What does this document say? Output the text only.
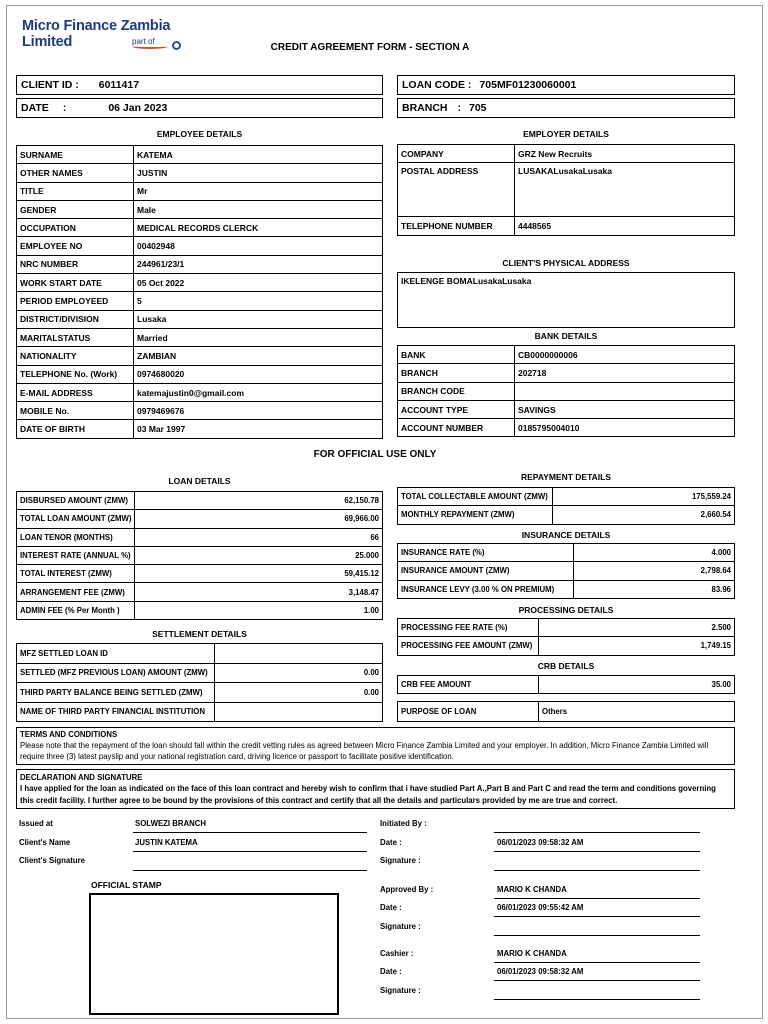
Micro Finance Zambia Limited	part of
CREDIT AGREEMENT FORM - SECTION A
CLIENT ID : 6011417
DATE :	06 Jan 2023
LOAN CODE : 705MF01230060001
BRANCH : 705
EMPLOYEE DETAILS
SURNAME	KATEMA
OTHER NAMES	JUSTIN
TITLE	Mr
GENDER	Male
OCCUPATION	MEDICAL RECORDS CLERCK
EMPLOYEE NO	00402948
NRC NUMBER	244961/23/1
WORK START DATE	05 Oct 2022
PERIOD EMPLOYEED	5
DISTRICT/DIVISION	Lusaka
MARITALSTATUS	Married
NATIONALITY	ZAMBIAN
TELEPHONE No. (Work)	0974680020
E-MAIL ADDRESS	katemajustin0@gmail.com
MOBILE No.	0979469676
DATE OF BIRTH	03 Mar 1997
EMPLOYER DETAILS
COMPANY	GRZ New Recruits
POSTAL ADDRESS	LUSAKALusakaLusaka
TELEPHONE NUMBER	4448565
CLIENT'S PHYSICAL ADDRESS
IKELENGE BOMALusakaLusaka
BANK DETAILS
BANK	CB0000000006
BRANCH	202718
BRANCH CODE	
ACCOUNT TYPE	SAVINGS
ACCOUNT NUMBER	0185795004010
FOR OFFICIAL USE ONLY
LOAN DETAILS
DISBURSED AMOUNT (ZMW)	62,150.78
TOTAL LOAN AMOUNT (ZMW)	69,966.00
LOAN TENOR (MONTHS)	66
INTEREST RATE (ANNUAL %)	25.000
TOTAL INTEREST (ZMW)	59,415.12
ARRANGEMENT FEE (ZMW)	3,148.47
ADMIN FEE (% Per Month )	1.00
SETTLEMENT DETAILS
MFZ SETTLED LOAN ID	
SETTLED (MFZ PREVIOUS LOAN) AMOUNT (ZMW)	0.00
THIRD PARTY BALANCE BEING SETTLED (ZMW)	0.00
NAME OF THIRD PARTY FINANCIAL INSTITUTION	
REPAYMENT DETAILS
TOTAL COLLECTABLE AMOUNT (ZMW)	175,559.24
MONTHLY REPAYMENT (ZMW)	2,660.54
INSURANCE DETAILS
INSURANCE RATE (%)	4.000
INSURANCE AMOUNT (ZMW)	2,798.64
INSURANCE LEVY (3.00 % ON PREMIUM)	83.96
PROCESSING DETAILS
PROCESSING FEE RATE (%)	2.500
PROCESSING FEE AMOUNT (ZMW)	1,749.15
CRB DETAILS
CRB FEE AMOUNT	35.00
PURPOSE OF LOAN	Others
TERMS AND CONDITIONS
Please note that the repayment of the loan should fall within the credit vetting rules as agreed between Micro Finance Zambia Limited and your employer. In addition, Micro Finance Zambia Limited will require three (3) latest payslip and your national registration card, driving licence or passport to facilitate positive identification.
DECLARATION AND SIGNATURE
I have applied for the loan as indicated on the face of this loan contract and hereby wish to confirm that i have studied Part A.,Part B and Part C and read the term and conditions governing this credit facility. I further agree to be bound by the provisions of this contract and certify that all the details and particulars provided by me are true and correct.
Issued at	SOLWEZI BRANCH
Client's Name	JUSTIN KATEMA
Client's Signature
OFFICIAL STAMP
Initiated By :
Date :	06/01/2023 09:58:32 AM
Signature :
Approved By :	MARIO K CHANDA
Date :	06/01/2023 09:55:42 AM
Signature :
Cashier :	MARIO K CHANDA
Date :	06/01/2023 09:58:32 AM
Signature :
